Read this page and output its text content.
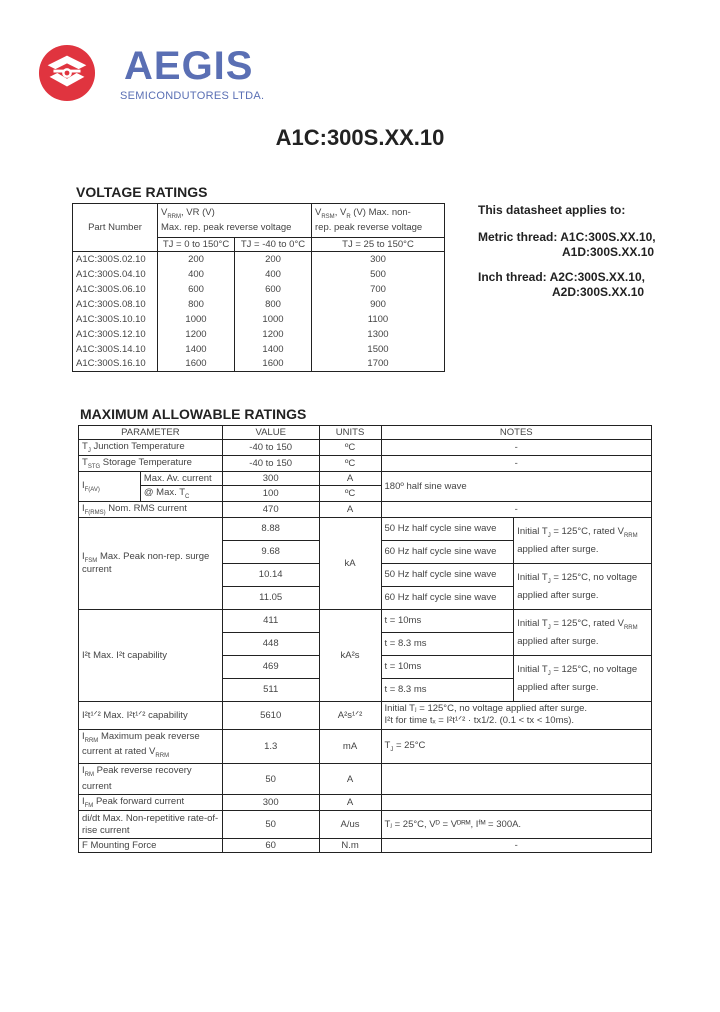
AEGIS
SEMICONDUTORES LTDA.
A1C:300S.XX.10
VOLTAGE RATINGS
Part Number	$V_{RRM}$, VR (V)
Max. rep. peak reverse voltage		$V_{RSM}$, $V_R$ (V) Max. non-
rep. peak reverse voltage
	TJ = 0 to 150°C	TJ = -40 to 0°C	TJ = 25 to 150°C
A1C:300S.02.10	200	200	300
A1C:300S.04.10	400	400	500
A1C:300S.06.10	600	600	700
A1C:300S.08.10	800	800	900
A1C:300S.10.10	1000	1000	1100
A1C:300S.12.10	1200	1200	1300
A1C:300S.14.10	1400	1400	1500
A1C:300S.16.10	1600	1600	1700
This datasheet applies to:
Metric thread: A1C:300S.XX.10,
A1D:300S.XX.10
Inch thread: A2C:300S.XX.10,
A2D:300S.XX.10
MAXIMUM ALLOWABLE RATINGS
PARAMETER		VALUE	UNITS	NOTES	
$T_J$ Junction Temperature		-40 to 150	ºC	-	
$T_{STG}$ Storage Temperature		-40 to 150	ºC	-	
$I_{F(AV)}$	Max. Av. current	300	A	180º half sine wave	
	@ Max. $T_C$	100	ºC		
$I_{F(RMS)}$ Nom. RMS current		470	A	-	
$I_{FSM}$ Max. Peak non-rep. surge current		8.88	kA	50 Hz half cycle sine wave	Initial $T_J = 125^\circ C$, rated $V_{RRM}$
applied after surge.
		9.68		60 Hz half cycle sine wave	
		10.14		50 Hz half cycle sine wave	Initial $T_J = 125^\circ C$, no voltage
applied after surge.
		11.05		60 Hz half cycle sine wave	
I²t Max. I²t capability		411	kA²s	t = 10ms	Initial $T_J = 125^\circ C$, rated $V_{RRM}$
applied after surge.
		448		t = 8.3 ms	
		469		t = 10ms	Initial $T_J = 125^\circ C$, no voltage
applied after surge.
		511		t = 8.3 ms	
I²t¹ᐟ² Max. I²t¹ᐟ² capability		5610	A²s¹ᐟ²	Initial Tⱼ = 125°C, no voltage applied after surge.
I²t for time tₓ = I²t¹ᐟ² · tx1/2. (0.1 < tx < 10ms).	
$I_{RRM}$ Maximum peak reverse current at rated $V_{RRM}$		1.3	mA	$T_J = 25^\circ C$	
$I_{RM}$ Peak reverse recovery current		50	A		
$I_{FM}$ Peak forward current		300	A		
di/dt Max. Non-repetitive rate-of-rise current		50	A/us	Tⱼ = 25°C, Vᴰ = Vᴰᴿᴹ, Iᶠᴹ = 300A.	
F Mounting Force		60	N.m	-	
